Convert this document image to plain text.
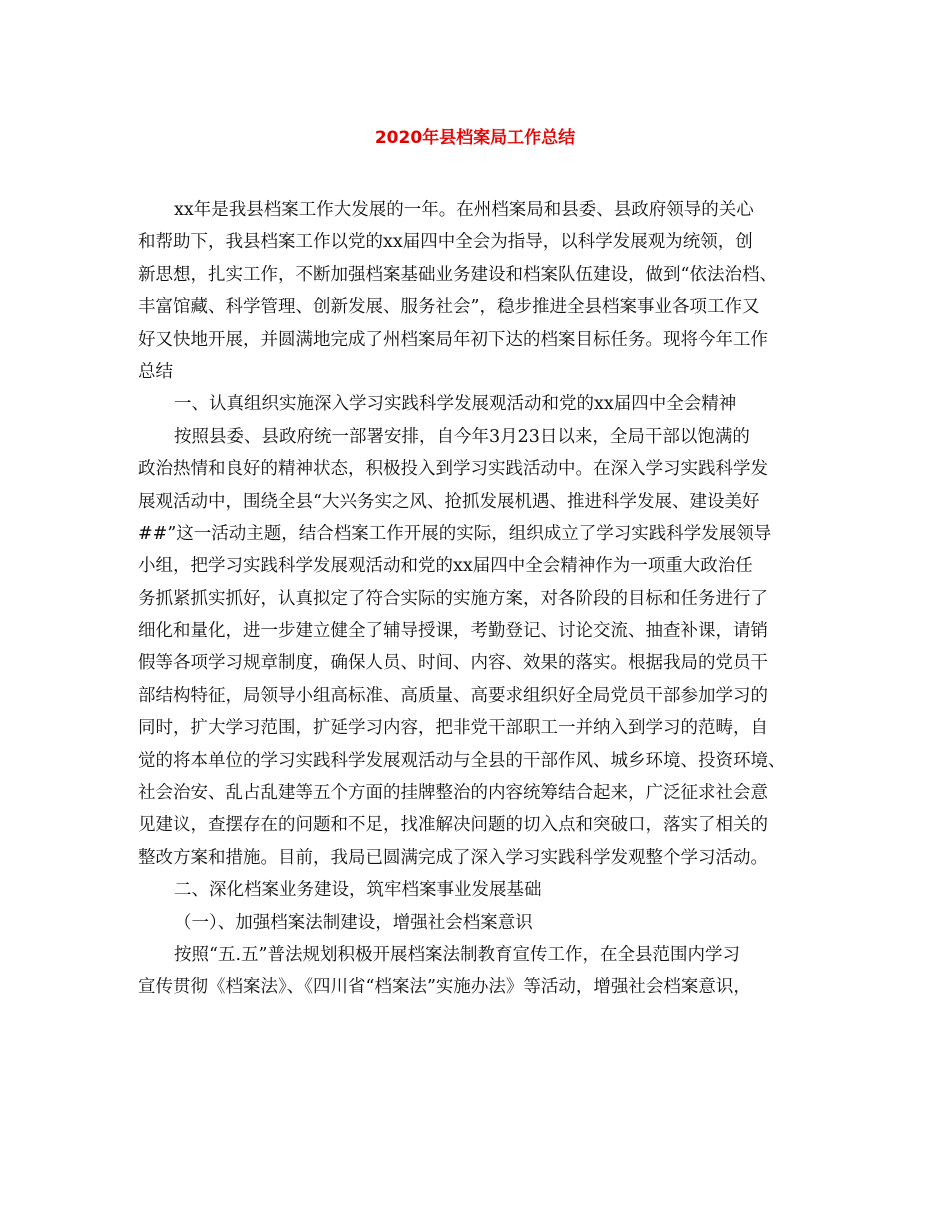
2020年县档案局工作总结

xx年是我县档案工作大发展的一年。在州档案局和县委、县政府领导的关心

和帮助下，我县档案工作以党的xx届四中全会为指导，以科学发展观为统领，创

新思想，扎实工作，不断加强档案基础业务建设和档案队伍建设，做到“依法治档、

丰富馆藏、科学管理、创新发展、服务社会”，稳步推进全县档案事业各项工作又

好又快地开展，并圆满地完成了州档案局年初下达的档案目标任务。现将今年工作

总结

一、认真组织实施深入学习实践科学发展观活动和党的xx届四中全会精神

按照县委、县政府统一部署安排，自今年3月23日以来，全局干部以饱满的

政治热情和良好的精神状态，积极投入到学习实践活动中。在深入学习实践科学发

展观活动中，围绕全县“大兴务实之风、抢抓发展机遇、推进科学发展、建设美好

##”这一活动主题，结合档案工作开展的实际，组织成立了学习实践科学发展领导

小组，把学习实践科学发展观活动和党的xx届四中全会精神作为一项重大政治任

务抓紧抓实抓好，认真拟定了符合实际的实施方案，对各阶段的目标和任务进行了

细化和量化，进一步建立健全了辅导授课，考勤登记、讨论交流、抽查补课，请销

假等各项学习规章制度，确保人员、时间、内容、效果的落实。根据我局的党员干

部结构特征，局领导小组高标准、高质量、高要求组织好全局党员干部参加学习的

同时，扩大学习范围，扩延学习内容，把非党干部职工一并纳入到学习的范畴，自

觉的将本单位的学习实践科学发展观活动与全县的干部作风、城乡环境、投资环境、

社会治安、乱占乱建等五个方面的挂牌整治的内容统筹结合起来，广泛征求社会意

见建议，查摆存在的问题和不足，找准解决问题的切入点和突破口，落实了相关的

整改方案和措施。目前，我局已圆满完成了深入学习实践科学发观整个学习活动。

二、深化档案业务建设，筑牢档案事业发展基础

（一）、加强档案法制建设，增强社会档案意识

按照“五.五”普法规划积极开展档案法制教育宣传工作，在全县范围内学习

宣传贯彻《档案法》、《四川省“档案法”实施办法》等活动，增强社会档案意识，
